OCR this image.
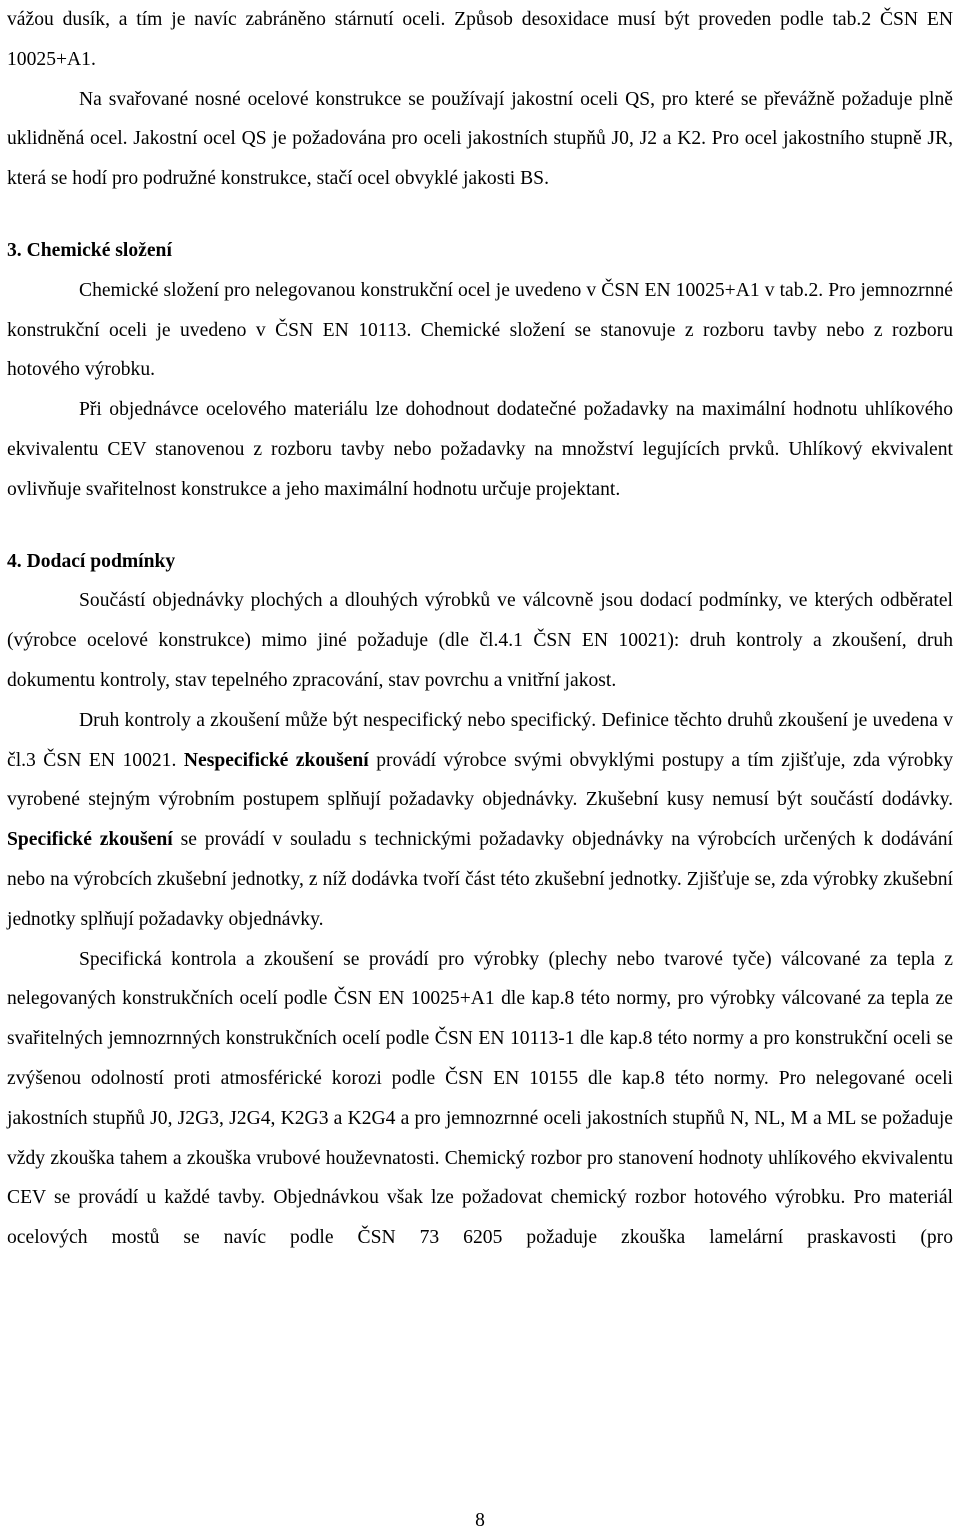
vážou dusík, a tím je navíc zabráněno stárnutí oceli. Způsob desoxidace musí být proveden podle tab.2 ČSN EN 10025+A1.

Na svařované nosné ocelové konstrukce se používají jakostní oceli QS, pro které se převážně požaduje plně uklidněná ocel. Jakostní ocel QS je požadována pro oceli jakostních stupňů J0, J2 a K2. Pro ocel jakostního stupně JR, která se hodí pro podružné konstrukce, stačí ocel obvyklé jakosti BS.

3. Chemické složení

Chemické složení pro nelegovanou konstrukční ocel je uvedeno v ČSN EN 10025+A1 v tab.2. Pro jemnozrnné konstrukční oceli je uvedeno v ČSN EN 10113. Chemické složení se stanovuje z rozboru tavby nebo z rozboru hotového výrobku.

Při objednávce ocelového materiálu lze dohodnout dodatečné požadavky na maximální hodnotu uhlíkového ekvivalentu CEV stanovenou z rozboru tavby nebo požadavky na množství legujících prvků. Uhlíkový ekvivalent ovlivňuje svařitelnost konstrukce a jeho maximální hodnotu určuje projektant.

4. Dodací podmínky

Součástí objednávky plochých a dlouhých výrobků ve válcovně jsou dodací podmínky, ve kterých odběratel (výrobce ocelové konstrukce) mimo jiné požaduje (dle čl.4.1 ČSN EN 10021): druh kontroly a zkoušení, druh dokumentu kontroly, stav tepelného zpracování, stav povrchu a vnitřní jakost.

Druh kontroly a zkoušení může být nespecifický nebo specifický. Definice těchto druhů zkoušení je uvedena v čl.3 ČSN EN 10021. Nespecifické zkoušení provádí výrobce svými obvyklými postupy a tím zjišťuje, zda výrobky vyrobené stejným výrobním postupem splňují požadavky objednávky. Zkušební kusy nemusí být součástí dodávky. Specifické zkoušení se provádí v souladu s technickými požadavky objednávky na výrobcích určených k dodávání nebo na výrobcích zkušební jednotky, z níž dodávka tvoří část této zkušební jednotky. Zjišťuje se, zda výrobky zkušební jednotky splňují požadavky objednávky.

Specifická kontrola a zkoušení se provádí pro výrobky (plechy nebo tvarové tyče) válcované za tepla z nelegovaných konstrukčních ocelí podle ČSN EN 10025+A1 dle kap.8 této normy, pro výrobky válcované za tepla ze svařitelných jemnozrnných konstrukčních ocelí podle ČSN EN 10113-1 dle kap.8 této normy a pro konstrukční oceli se zvýšenou odolností proti atmosférické korozi podle ČSN EN 10155 dle kap.8 této normy. Pro nelegované oceli jakostních stupňů J0, J2G3, J2G4, K2G3 a K2G4 a pro jemnozrnné oceli jakostních stupňů N, NL, M a ML se požaduje vždy zkouška tahem a zkouška vrubové houževnatosti. Chemický rozbor pro stanovení hodnoty uhlíkového ekvivalentu CEV se provádí u každé tavby. Objednávkou však lze požadovat chemický rozbor hotového výrobku. Pro materiál ocelových mostů se navíc podle ČSN 73 6205 požaduje zkouška lamelární praskavosti (pro

8
